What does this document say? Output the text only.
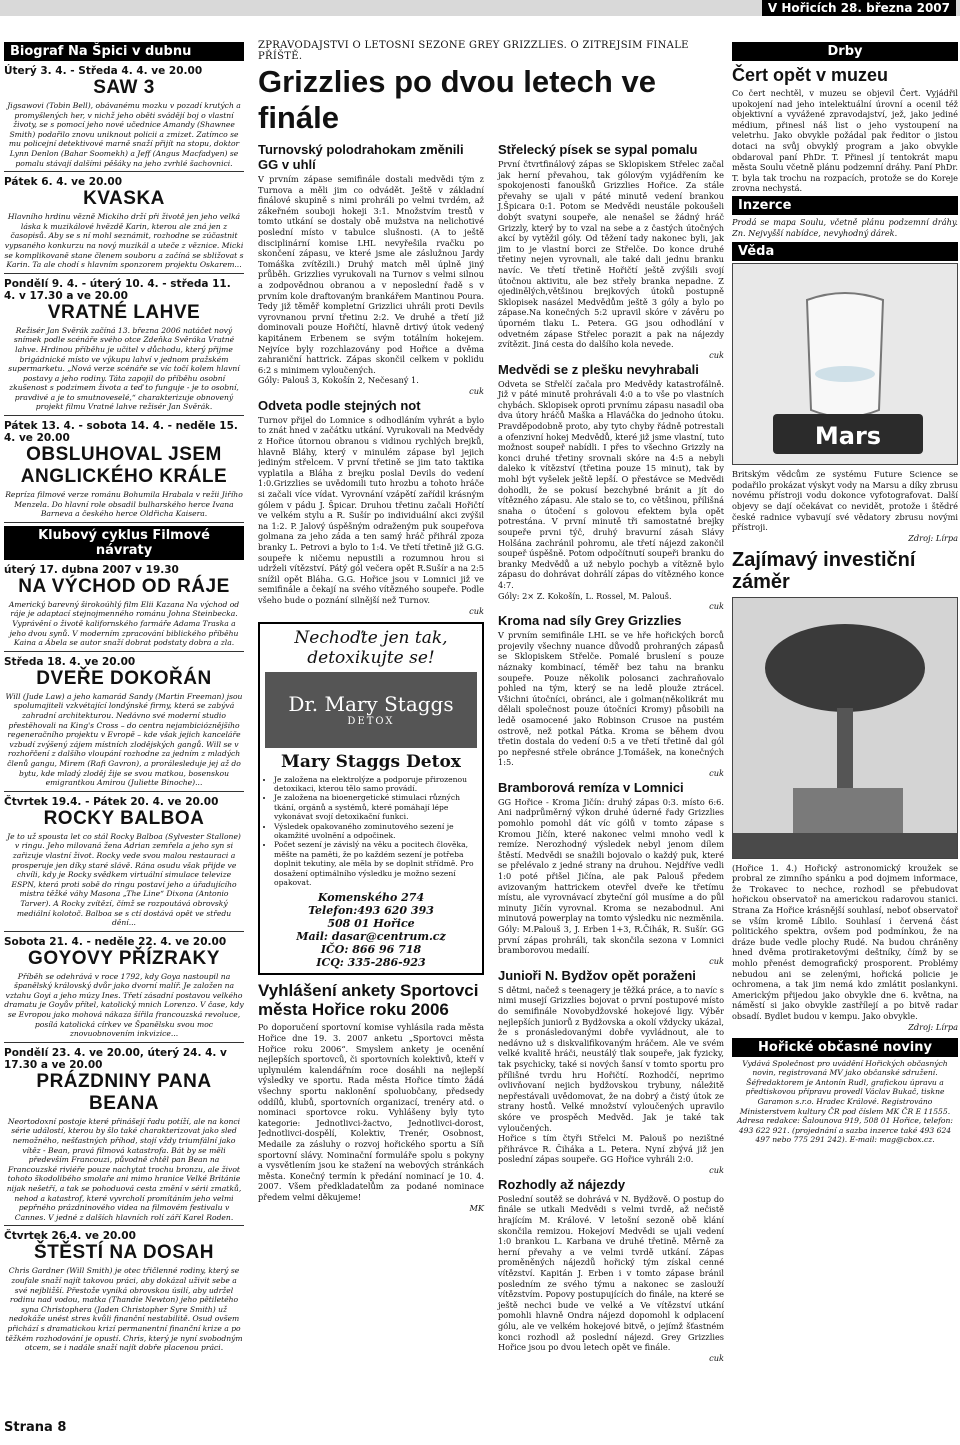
V Hořicích 28. března 2007
Biograf Na Špici v dubnu
Úterý 3. 4. - Středa 4. 4. ve 20.00
SAW 3
Jigsawovi (Tobin Bell), obávanému mozku v pozadí krutých a promyšlených her, v nichž jeho oběti svádějí boj o vlastní životy, se s pomocí jeho nové učednice Amandy (Shawnee Smith) podařilo znovu uniknout policii a zmizet. Zatímco se mu policejní detektivové marně snaží přijít na stopu, doktor Lynn Denlon (Bahar Soomekh) a Jeff (Angus Macfadyen) se pomalu stávají dalšími pěšáky na jeho zvrhlé šachovnici.
Pátek 6. 4. ve 20.00
KVASKA
Hlavního hrdinu vězně Mickiho drží při životě jen jeho velká láska k muzikálové hvězdě Karin, kterou ale zná jen z časopisů. Aby se s ní mohl seznámit, rozhodne se zúčastnit vypsaného konkurzu na nový muzikál a uteče z věznice. Micki se komplikovaně stane členem souboru a začíná se sbližovat s Karin. Ta ale chodí s hlavním sponzorem projektu Oskarem...
Pondělí 9. 4. - úterý 10. 4. - středa 11. 4. v 17.30 a ve 20.00
VRATNÉ LAHVE
Režisér Jan Svěrák začíná 13. března 2006 natáčet nový snímek podle scénáře svého otce Zdeňka Svěráka Vratné lahve. Hrdinou příběhu je učitel v důchodu, který přijme brigádnické místo ve výkupu lahví v jednom pražském supermarketu. „Nová verze scénáře se víc točí kolem hlavní postavy a jeho rodiny. Táta zapojil do příběhu osobní zkušenost s podzimem života a teď to funguje - je to osobní, pravdivé a je to smutnoveselé,“ charakterizuje obnovený projekt filmu Vratné lahve režisér Jan Svěrák.
Pátek 13. 4. - sobota 14. 4. - neděle 15. 4. ve 20.00
OBSLUHOVAL JSEM ANGLICKÉHO KRÁLE
Repríza filmové verze románu Bohumila Hrabala v režii Jiřího Menzela. Do hlavní role obsadil bulharského herce Ivana Barneva a českého herce Oldřicha Kaisera.
Klubový cyklus Filmové návraty
úterý 17. dubna 2007 v 19.30
NA VÝCHOD OD RÁJE
Americký barevný širokoúhlý film Elii Kazana Na východ od ráje je adaptací stejnojmenného románu Johna Steinbecka. Vyprávění o životě kalifornského farmáře Adama Traska a jeho dvou synů. V moderním zpracování biblického příběhu Kaina a Ábela se autor snaží dobrat podstaty dobra a zla.
Středa 18. 4. ve 20.00
DVEŘE DOKOŘÁN
Will (Jude Law) a jeho kamarád Sandy (Martin Freeman) jsou spolumajiteli vzkvétající londýnské firmy, která se zabývá zahradní architekturou. Nedávno své moderní studio přestěhovali na King's Cross – do centra nejambicióznějšího regeneračního projektu v Evropě – kde však jejich kanceláře vzbudí zvýšený zájem místních zlodějských gangů. Will se v rozhořčení z dalšího vloupání rozhodne za jedním z mladých členů gangu, Mirem (Rafi Gavron), a prorálesleduje jej až do bytu, kde mladý zloděj žije se svou matkou, bosenskou emigrantkou Amirou (Juliette Binoche)...
Čtvrtek 19.4. - Pátek 20. 4. ve 20.00
ROCKY BALBOA
Je to už spousta let co stál Rocky Balboa (Sylvester Stallone) v ringu. Jeho milovaná žena Adrian zemřela a jeho syn si zařizuje vlastní život. Rocky vede svou malou restauraci a prosperuje jen díky staré slávě. Rána osudu však přijde ve chvíli, kdy je Rocky svědkem virtuální simulace televize ESPN, která proti sobě do ringu postaví jeho a úřadujícího mistra těžké váhy Masona „The Line“ Dixona (Antonio Tarver). A Rocky zvítězí, čímž se rozpoutává obrovský mediální kolotoč. Balboa se s ctí dostává opět ve středu dění...
Sobota 21. 4. - neděle 22. 4. ve 20.00
GOYOVY PŘÍZRAKY
Příběh se odehrává v roce 1792, kdy Goya nastoupil na španělský královský dvůr jako dvorní malíř. Je založen na vztahu Goyi a jeho múzy Ines. Třetí zásadní postavou velkého dramatu je Goyův přítel, katolický mnich Lorenzo. V čase, kdy se Evropou jako mohová nákaza šířila francouzská revoluce, posílá katolická církev ve Španělsku svou moc znovuobnovením inkvizice...
Pondělí 23. 4. ve 20.00, úterý 24. 4. v 17.30 a ve 20.00
PRÁZDNINY PANA BEANA
Neortodoxní postoje které přinášejí řadu potíží, ale na konci série událostí, kterou by šlo také charakterizovat jako sled nemožného, nešťastných příhod, stojí vždy triumfální jako vítěz - Bean, pravá filmová katastrofa. Bát by se měli především Francouzi, původně chtěl pan Bean na Francouzské riviéře pouze nachytat trochu bronzu, ale život tohoto škodolibého smolaře ani mimo hranice Velké Británie nijak nešetří, a tak se pohoduová cesta změní v sérii zmatků, nehod a katastrof, které vyvrcholí promítáním jeho velmi pepřného prázdninového videa na filmovém festivalu v Cannes. V jedné z dalších hlavních rolí září Karel Roden.
Čtvrtek 26.4. ve 20.00
ŠTĚSTÍ NA DOSAH
Chris Gardner (Will Smith) je otec třičlenné rodiny, který se zoufale snaží najít takovou práci, aby dokázal uživit sebe a své nejbližší. Přestože vyniká obrovskou úsilí, aby udržel rodinu nad vodou, matka (Thandie Newton) jeho pětiletého syna Christophera (Jaden Christopher Syre Smith) už nedokáže unést stres kvůli finanční nestabilitě. Osud ovšem přichází s dramatickou krizí permanentní finanční krize a po těžkém rozhodování je opustí. Chris, který je nyní svobodným otcem, se i nadále snaží najít dobře placenou práci.

ZPRAVODAJSTVÍ O LETOŠNÍ SEZÓNĚ GREY GRIZZLIES. O ZÍTŘEJŠÍM FINÁLE PŘÍŠTĚ.

Grizzlies po dvou letech ve finále
Turnovský polodrahokam změnili GG v uhlí

V prvním zápase semifinále dostali medvědi tým z Turnova a měli jim co odvádět. Ještě v základní finálové skupině s nimi prohráli po velmi tvrdém, až zákeřném souboji hokeji 3:1. Množstvím trestů v tomto utkání se dostaly obě mužstva na nelichotivé poslední místo v tabulce slušnosti. (A to ještě disciplinární komise LHL nevyřešila rvačku po skončení zápasu, ve které jsme ale záslužnou Jardy Tomáška zvítězili.) Druhý match měl úplně jiný průběh. Grizzlies vyrukovali na Turnov s velmi silnou a zodpovědnou obranou a v neposlední řadě s v prvním kole draftovaným brankářem Mantinou Poura. Tedy již těměř kompletní Grizzlici uhráli proti Devils vyrovnanou první třetinu 2:2. Ve druhé a třetí již dominovali pouze Hořičtí, hlavně drtivý útok vedený kapitánem Erbenem se svým totálním hokejem. Nejvíce byly rozchlazovány pod Hořice a dvěma zahraniční hattrick. Zápas skončil celkem v poklidu 6:2 s minimem vyloučených.

Góly: Palouš 3, Kokošín 2, Nečesaný 1.

cuk
Odveta podle stejných not

Turnov přijel do Lomnice s odhodláním vyhrát a bylo to znát hned v začátku utkání. Vyrukovali na Medvědy z Hořice útornou obranou s vidinou rychlých brejků, hlavně Bláhy, který v minulém zápase byl jejich jediným střelcem. V první třetině se jim tato taktika vyplatila a Bláha z brejku poslal Devils do vedení 1:0.Grizzlies se uvědomili tuto hrozbu a tohoto hráče si začali více vídat. Vyrovnání vzápětí zařídil krásným gólem v pádu J. Špicar. Druhou třetinu začali Hořičtí ve velkém stylu a R. Sušír po individuální akci zvýšil na 1:2. P. Jalový úspěšným odraženým puk soupeřova golmana za jeho záda a ten samý hráč přihrál zpoza branky L. Petrovi a bylo to 1:4. Ve třetí třetině již G.G. soupeře k ničemu nepustili a rozumnou hrou si udrželi vítězství. Pátý gól večera opět R.Sušír a na 2:5 snížil opět Bláha. G.G. Hořice jsou v Lomnici již ve semifinále a čekají na svého vítězného soupeře. Podle všeho bude o poznání silnější než Turnov.

cuk
Nechoďte jen tak, detoxikujte se!
Dr. Mary Staggs
DETOX
Mary Staggs Detox
• Je založena na elektrolýze a podporuje přirozenou detoxikaci, kterou tělo samo provádí.
• Je založena na bioenergetické stimulaci různých tkání, orgánů a systémů, které pomáhají lépe vykonávat svojí detoxikační funkci.
• Výsledek opakovaného zominutového sezení je okamžité uvolnění a odpočinek.
• Počet sezení je závislý na věku a pocitech člověka, měšte na paměti, že po každém sezení je potřeba doplnit tekutiny, ale měla by se doplnit střídmě. Pro dosažení optimálního výsledku je možno sezení opakovat.
Komenského 274
Telefon:493 620 393
508 01 Hořice
Mail: dasar@centrum.cz
IČO: 866 96 718
ICQ: 335-286-923
Vyhlášení ankety Sportovci města Hořice roku 2006

Po doporučení sportovní komise vyhlásila rada města Hořice dne 19. 3. 2007 anketu „Sportovci města Hořice roku 2006“. Smyslem ankety je ocenění nejlepších sportovců, či sportovních kolektivů, kteří v uplynulém kalendářním roce dosáhli na nejlepší výsledky ve sportu. Rada města Hořice tímto žádá všechny sportu naklonění spoluobčany, předsedy oddílů, klubů, sportovních organizací, trenéry atd. o nominaci sportovce roku. Vyhlášeny byly tyto kategorie: Jednotlivci-žactvo, Jednotlivci-dorost, Jednotlivci-dospělí, Kolektiv, Trenér, Osobnost, Medaile za zásluhy o rozvoj hořického sportu a Síň sportovní slávy. Nominační formuláře spolu s pokyny a vysvětlením jsou ke stažení na webových stránkách města. Konečný termín k předání nominací je 10. 4. 2007. Všem předkladatelům za podané nominace předem velmi děkujeme!

MK
Střelecký písek se sypal pomalu

První čtvrtfinálový zápas se Sklopiskem Střelec začal jak herní převahou, tak gólovým vyjádřením ke spokojenosti fanoušků Grizzlies Hořice. Za stále převahy se ujali v páté minutě vedení brankou J.Špicara 0:1. Potom se Medvědi neustále pokoušeli dobýt svatyni soupeře, ale nenašel se žádný hráč Grizzly, který by to vzal na sebe a z častých útočných akcí by vytěžil góly. Od těžení tady nakonec byli, jak jim to je vlastní borci ze Střelče. Do konce druhé třetiny nejen vyrovnali, ale také dali jednu branku navíc. Ve třetí třetině Hořičtí ještě zvýšili svojí útočnou aktivitu, ale bez střely branka nepadne. Z ojedinělých,většinou brejkových útoků postupně Sklopisek nasázel Medvědům ještě 3 góly a bylo po zápase.Na konečných 5:2 upravil skóre v závěru po úporném tlaku L. Petera. GG jsou odhodlání v odvetném zápase Střelec porazit a pak na nájezdy zvítězit. Jiná cesta do dalšího kola nevede.

cuk
Medvědi se z plešku nevyhrabali

Odveta se Střelčí začala pro Medvědy katastrofálně. Již v páté minutě prohrávali 4:0 a to vše po vlastních chybách. Sklopisek oproti prvnímu zápasu nasadil oba dva útory hráčů Maška a Hlaváčka do jednoho útoku. Pravděpodobně proto, aby tyto chyby řádně potrestali a ofenzivní hokej Medvědů, které již jsme vlastní, tuto možnost soupeř nabídli. I přes to všechno Grizzly na konci druhé třetiny srovnali skóre na 4:5 a nebyli daleko k vítězství (třetina pouze 15 minut), tak by mohl být vyšelek ještě lepší. O přestávce se Medvědi dohodli, že se pokusí bezchybné bránit a jít do vítězného zápasu. Ale stalo se to, co většinou, přílišná snaha o útočení s golovou efektem byla opět potrestána. V první minutě tři samostatné brejky soupeře prvni týč, druhý bravurní zásah Slávy Holšána zachránil pohromu, ale třetí nájezd zakončil soupeř úspěšně. Potom odpočítnutí soupeři branku do branky Medvědů a už nebylo pochyb a vítězně bylo zápasu do dohrávat dohrálí zápas do vítězného konce 4:7.

Góly: 2× Z. Kokošín, L. Rossel, M. Palouš.

cuk
Kroma nad síly Grey Grizzlies

V prvním semifinále LHL se ve hře hořických borců projevily všechny nuance důvodů prohraných zápasů se Sklopiskem Střelče. Pomalé bruslení s pouze náznaky kombinací, téměř bez tahu na branku soupeře. Pouze několik polosanci zachraňovalo pohled na tým, který se na ledě plouže ztrácel. Všichni útočníci, obránci, ale i golman(několikrát mu dělali společnost pouze útočníci Kromy) působili na ledě osamocené jako Robinson Crusoe na pustém ostrově, než potkal Pátka. Kroma se během dvou třetin dostala do vedení 0:5 a ve třetí třetině dal gól po nepřesné střele obránce J.Tomášek, na konečných 1:5.

cuk
Bramborová remíza v Lomnici

GG Hořice - Kroma Jičín: druhý zápas 0:3. místo 6:6. Ani nadprůměrný výkon druhé úderné řady Grizzlies pomohlo pomohl dát víc gólů v tomto zápase s Kromou Jičín, které nakonec velmi mnoho vedl k remíze. Nerozhodný výsledek nebyl jenom dílem štěstí. Medvědi se snažili bojovalo o každý puk, které se přelévalo z jedné strany na druhou. Nejdříve vedli 1:0 poté přišel Jičína, ale pak Palouš předem avizovaným hattrickem otevřel dveře ke třetímu místu, ale vyrovnávací zbyteční gól musíme a do půl minuty Jičín vyrovnal. Kroma se nezabodnul. Ani minutová powerplay na tomto výsledku nic nezměnila.

Góly: M.Palouš 3, J. Erben 1+3, R.Čihák, R. Sušír. GG první zápas prohráli, tak skončila sezona v Lomnici bramborovou medailí.

cuk
Junioři N. Bydžov opět poraženi

S dětmi, načež s teenagery je těžká práce, a to navíc s nimi musejí Grizzlies bojovat o první postupové místo do semifinále Novobydžovské hokejové ligy. Výběr nejlepších juniorů z Bydžovska a okolí vždycky ukázal, že s pronásledovanými dobře vyvládnout, ale to nedávno už s diskvalifikovaným hráčem. Ale ve svém velké kvalitě hráči, neustálý tlak soupeře, jak fyzicky, tak psychicky, také si nových šansí v tomto sportu pro přílišné tvrdu hru Hořičtí. Rozhodčí, neprimo ovlivňovaní nejich bydžovskou trybuny, náležitě nepřestávali uvědomovat, že na dobrý a čistý útok ze strany hostů. Velké množství vyloučených upravilo skóre ve prospěch Medvěd. Jak je také tak vyloučených.

Hořice s tím čtyři Střelci M. Palouš po nezištné přihrávce R. Čiháka a L. Petera. Nyní zbývá již jen poslední zápas soupeře. GG Hořice vyhráli 2:0.

cuk
Rozhodly až nájezdy

Poslední soutěž se dohrává v N. Bydžově. O postup do finále se utkali Medvědi s velmi tvrdě, až nečistě hrajícím M. Králové. V letošní sezoně obě klání skončila remizou. Hokejoví Medvědi se ujali vedení 1:0 brankou L. Karbana ve druhé třetině. Měrně za herní převahy a ve velmi tvrdě utkání. Zápas proměněných nájezdů hořický tým získal cenné vítězství. Kapitán J. Erben i v tomto zápase bránil posledním ze svého týmu a nakonec se zaslouží vítězstvím. Popovy postupujících do finále, na které se ještě nechci bude ve velké a Ve vítězství utkání pomohli hlavně Ondra nájezd dopomohl k odplacení gólu, ale ve velkém hokejové bitvě, o jejímž šťastném konci rozhodl až poslední nájezd. Grey Grizzlies Hořice jsou po dvou letech opět ve finále.

cuk
Drby
Čert opět v muzeu

Co čert nechtěl, v muzeu se objevil Čert. Vyjádřil upokojení nad jeho intelektuální úrovní a ocenil též objektivní a vyvážené zpravodajství, jež, jako jediné médium, přinesl náš list o jeho vystoupení na veletrhu. Jako obvykle požádal pak ředitor o jistou dotaci na svůj obvyklý program a jako obvykle obdaroval paní PhDr. T. Přinesl jí tentokrát mapu města Soulu včetně plánu podzemní dráhy. Paní PhDr. T. byla tak trochu na rozpacích, protože se do Koreje zrovna nechystá.

Inzerce

Prodá se mapa Soulu, včetně plánu podzemní dráhy. Zn. Nejvyšší nabídce, nevyhodný dárek.

Věda
Mars

Britským vědcům ze systému Future Science se podařilo prokázat výskyt vody na Marsu a díky zbrusu novému přístroji vodu dokonce vyfotografovat. Další objevy se dají očekávat co nevidět, protože i štědré české radnice vybavují své vědatory zbrusu novými přístroji.

Zdroj: Lírpa
Zajímavý investiční záměr

(Hořice 1. 4.) Hořický astronomický kroužek se probral ze zimního spánku a pod dojmem informace, že Trokavec to nechce, rozhodl se přebudovat hořickou observatoř na americkou radarovou stanici. Strana Za Hořice krásnější souhlasí, neboť observatoř se vším kromě Líbilo. Souhlasí i červená část politického spektra, ovšem pod podmínkou, že na dráze bude vedle plochy Rudé. Na budou chráněny hned dvěma protiraketovými deštníky, čímž by se mohlo přenést demografický prosporent. Problémy nebudou ani se zelenými, hořická policie je ochromena, a tak jim nemá kdo zmlátit poslankyni. Americkým přijedou jako obvykle dne 6. května, na náměstí si jako obvykle zastřílejí a po bitvě radar obsadí. Bydlet budou v kempu. Jako obvykle.

Zdroj: Lírpa
Hořické občasné noviny
Vydává Společnost pro uvádění Hořických občasných novin, registrovaná MV jako občanské sdružení. Šéfredaktorem je Antonín Rudl, grafickou úpravu a předtiskovou přípravu provedl Václav Bukač, tiskne Garamon s.r.o. Hradec Králové. Registrováno Ministerstvem kultury ČR pod číslem MK ČR E 11555. Adresa redakce: Šalounova 919, 508 01 Hořice, telefon: 493 622 921. (projednání a sazba inzerce také 493 624 497 nebo 775 291 242). E-mail: mag@cbox.cz.
Strana 8
